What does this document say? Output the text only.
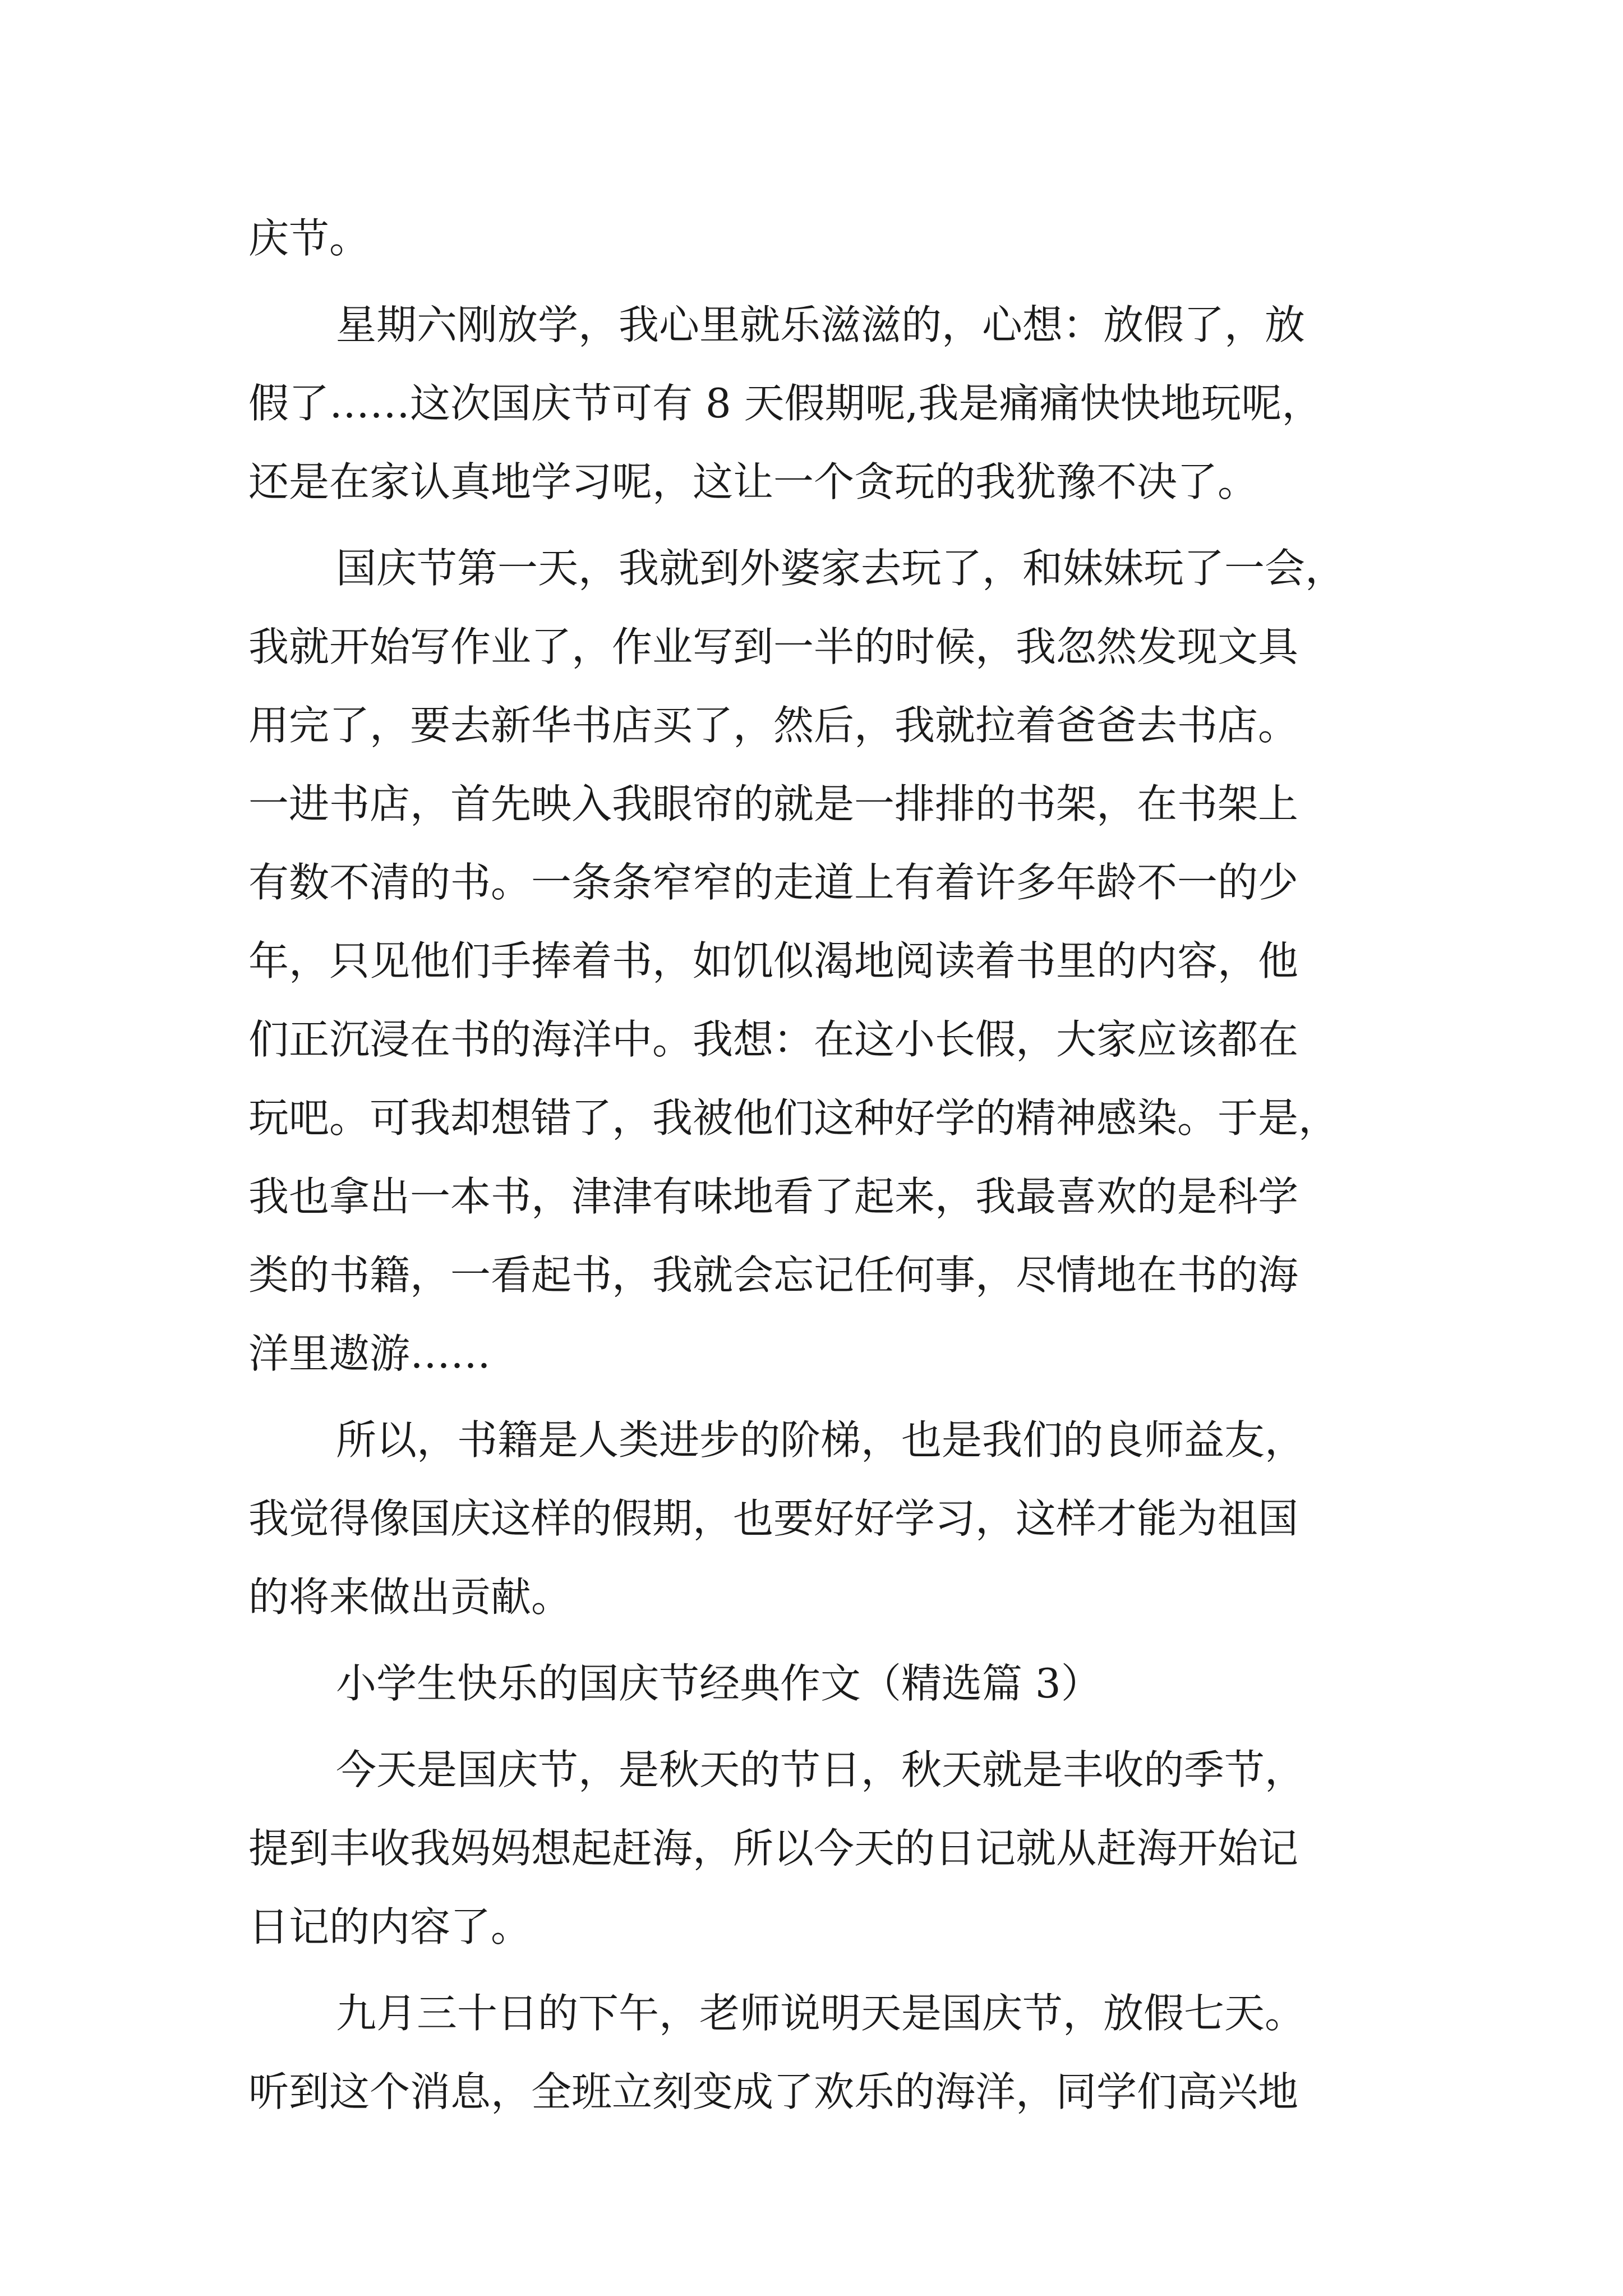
庆节。
星期六刚放学，我心里就乐滋滋的，心想：放假了，放
假了……这次国庆节可有 8 天假期呢,我是痛痛快快地玩呢，
还是在家认真地学习呢，这让一个贪玩的我犹豫不决了。
国庆节第一天，我就到外婆家去玩了，和妹妹玩了一会，
我就开始写作业了，作业写到一半的时候，我忽然发现文具
用完了，要去新华书店买了，然后，我就拉着爸爸去书店。
一进书店，首先映入我眼帘的就是一排排的书架，在书架上
有数不清的书。一条条窄窄的走道上有着许多年龄不一的少
年，只见他们手捧着书，如饥似渴地阅读着书里的内容，他
们正沉浸在书的海洋中。我想：在这小长假，大家应该都在
玩吧。可我却想错了，我被他们这种好学的精神感染。于是，
我也拿出一本书，津津有味地看了起来，我最喜欢的是科学
类的书籍，一看起书，我就会忘记任何事，尽情地在书的海
洋里遨游……
所以，书籍是人类进步的阶梯，也是我们的良师益友，
我觉得像国庆这样的假期，也要好好学习，这样才能为祖国
的将来做出贡献。
小学生快乐的国庆节经典作文（精选篇 3）
今天是国庆节，是秋天的节日，秋天就是丰收的季节，
提到丰收我妈妈想起赶海，所以今天的日记就从赶海开始记
日记的内容了。
九月三十日的下午，老师说明天是国庆节，放假七天。
听到这个消息，全班立刻变成了欢乐的海洋，同学们高兴地
